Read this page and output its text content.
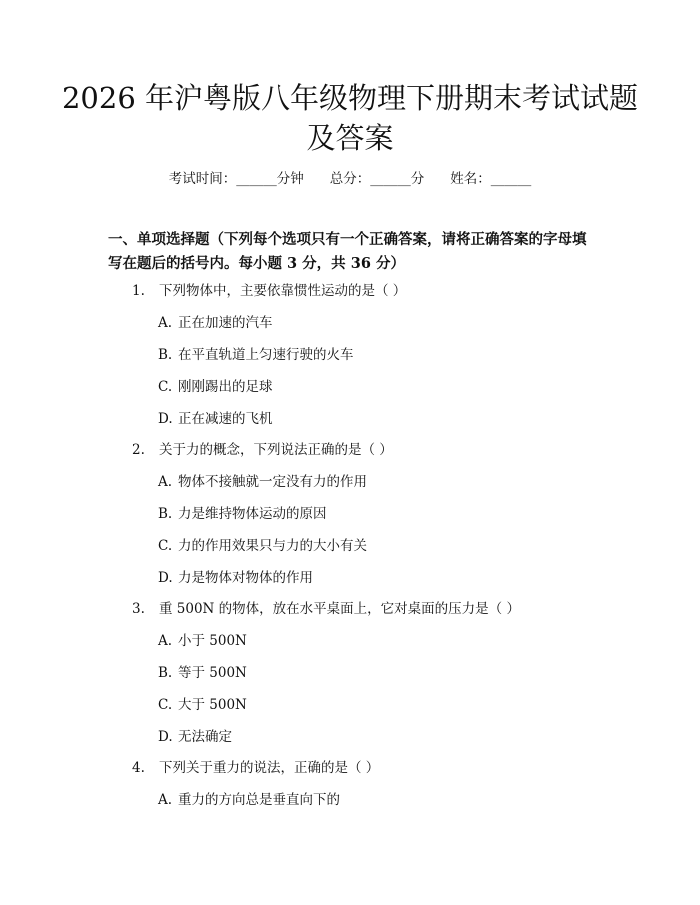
2026 年沪粤版八年级物理下册期末考试试题及答案
考试时间：______分钟 总分：______分 姓名：______
一、单项选择题（下列每个选项只有一个正确答案，请将正确答案的字母填写在题后的括号内。每小题 3 分，共 36 分）
1. 下列物体中，主要依靠惯性运动的是（ ）
A. 正在加速的汽车
B. 在平直轨道上匀速行驶的火车
C. 刚刚踢出的足球
D. 正在减速的飞机
2. 关于力的概念，下列说法正确的是（ ）
A. 物体不接触就一定没有力的作用
B. 力是维持物体运动的原因
C. 力的作用效果只与力的大小有关
D. 力是物体对物体的作用
3. 重 500N 的物体，放在水平桌面上，它对桌面的压力是（ ）
A. 小于 500N
B. 等于 500N
C. 大于 500N
D. 无法确定
4. 下列关于重力的说法，正确的是（ ）
A. 重力的方向总是垂直向下的
